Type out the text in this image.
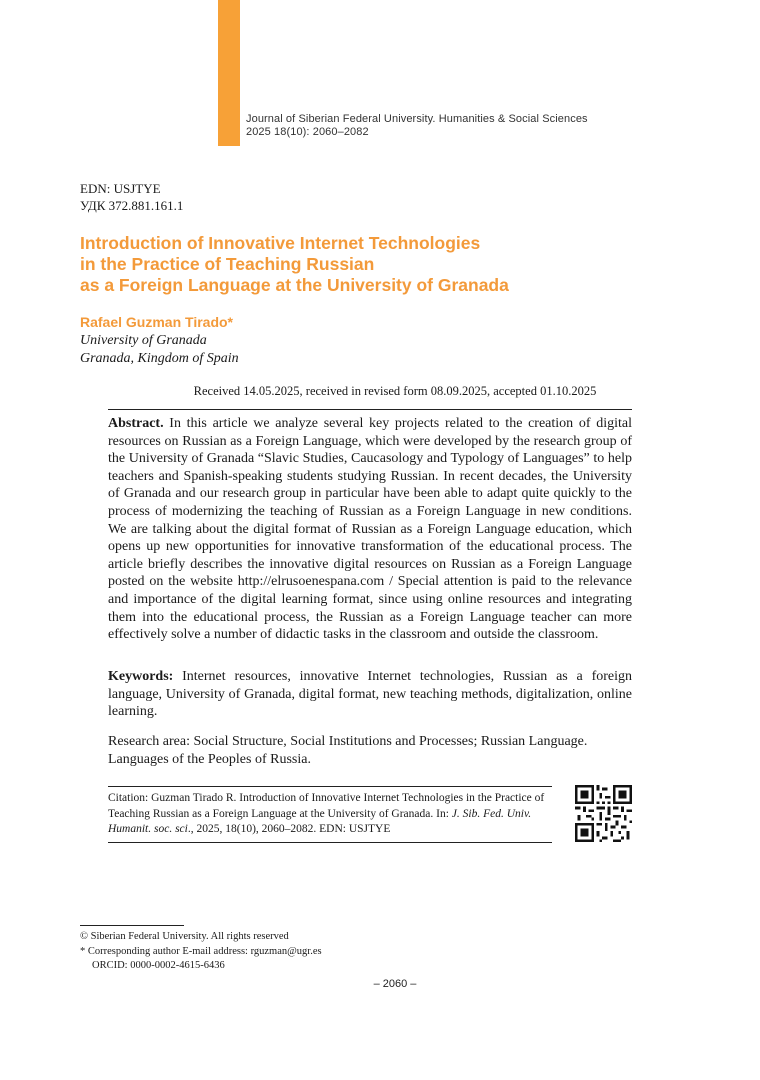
Journal of Siberian Federal University. Humanities & Social Sciences
2025 18(10): 2060–2082
EDN: USJTYE
УДК 372.881.161.1
Introduction of Innovative Internet Technologies
in the Practice of Teaching Russian
as a Foreign Language at the University of Granada
Rafael Guzman Tirado*
University of Granada
Granada, Kingdom of Spain
Received 14.05.2025, received in revised form 08.09.2025, accepted 01.10.2025

Abstract. In this article we analyze several key projects related to the creation of digital resources on Russian as a Foreign Language, which were developed by the research group of the University of Granada “Slavic Studies, Caucasology and Typology of Languages” to help teachers and Spanish-speaking students studying Russian. In recent decades, the University of Granada and our research group in particular have been able to adapt quite quickly to the process of modernizing the teaching of Russian as a Foreign Language in new conditions. We are talking about the digital format of Russian as a Foreign Language education, which opens up new opportunities for innovative transformation of the educational process. The article briefly describes the innovative digital resources on Russian as a Foreign Language posted on the website http://elrusoenespana.com / Special attention is paid to the relevance and importance of the digital learning format, since using online resources and integrating them into the educational process, the Russian as a Foreign Language teacher can more effectively solve a number of didactic tasks in the classroom and outside the classroom.

Keywords: Internet resources, innovative Internet technologies, Russian as a foreign language, University of Granada, digital format, new teaching methods, digitalization, online learning.

Research area: Social Structure, Social Institutions and Processes; Russian Language. Languages of the Peoples of Russia.

Citation: Guzman Tirado R. Introduction of Innovative Internet Technologies in the Practice of Teaching Russian as a Foreign Language at the University of Granada. In: J. Sib. Fed. Univ. Humanit. soc. sci., 2025, 18(10), 2060–2082. EDN: USJTYE

© Siberian Federal University. All rights reserved
* Corresponding author E-mail address: rguzman@ugr.es
ORCID: 0000-0002-4615-6436
– 2060 –
